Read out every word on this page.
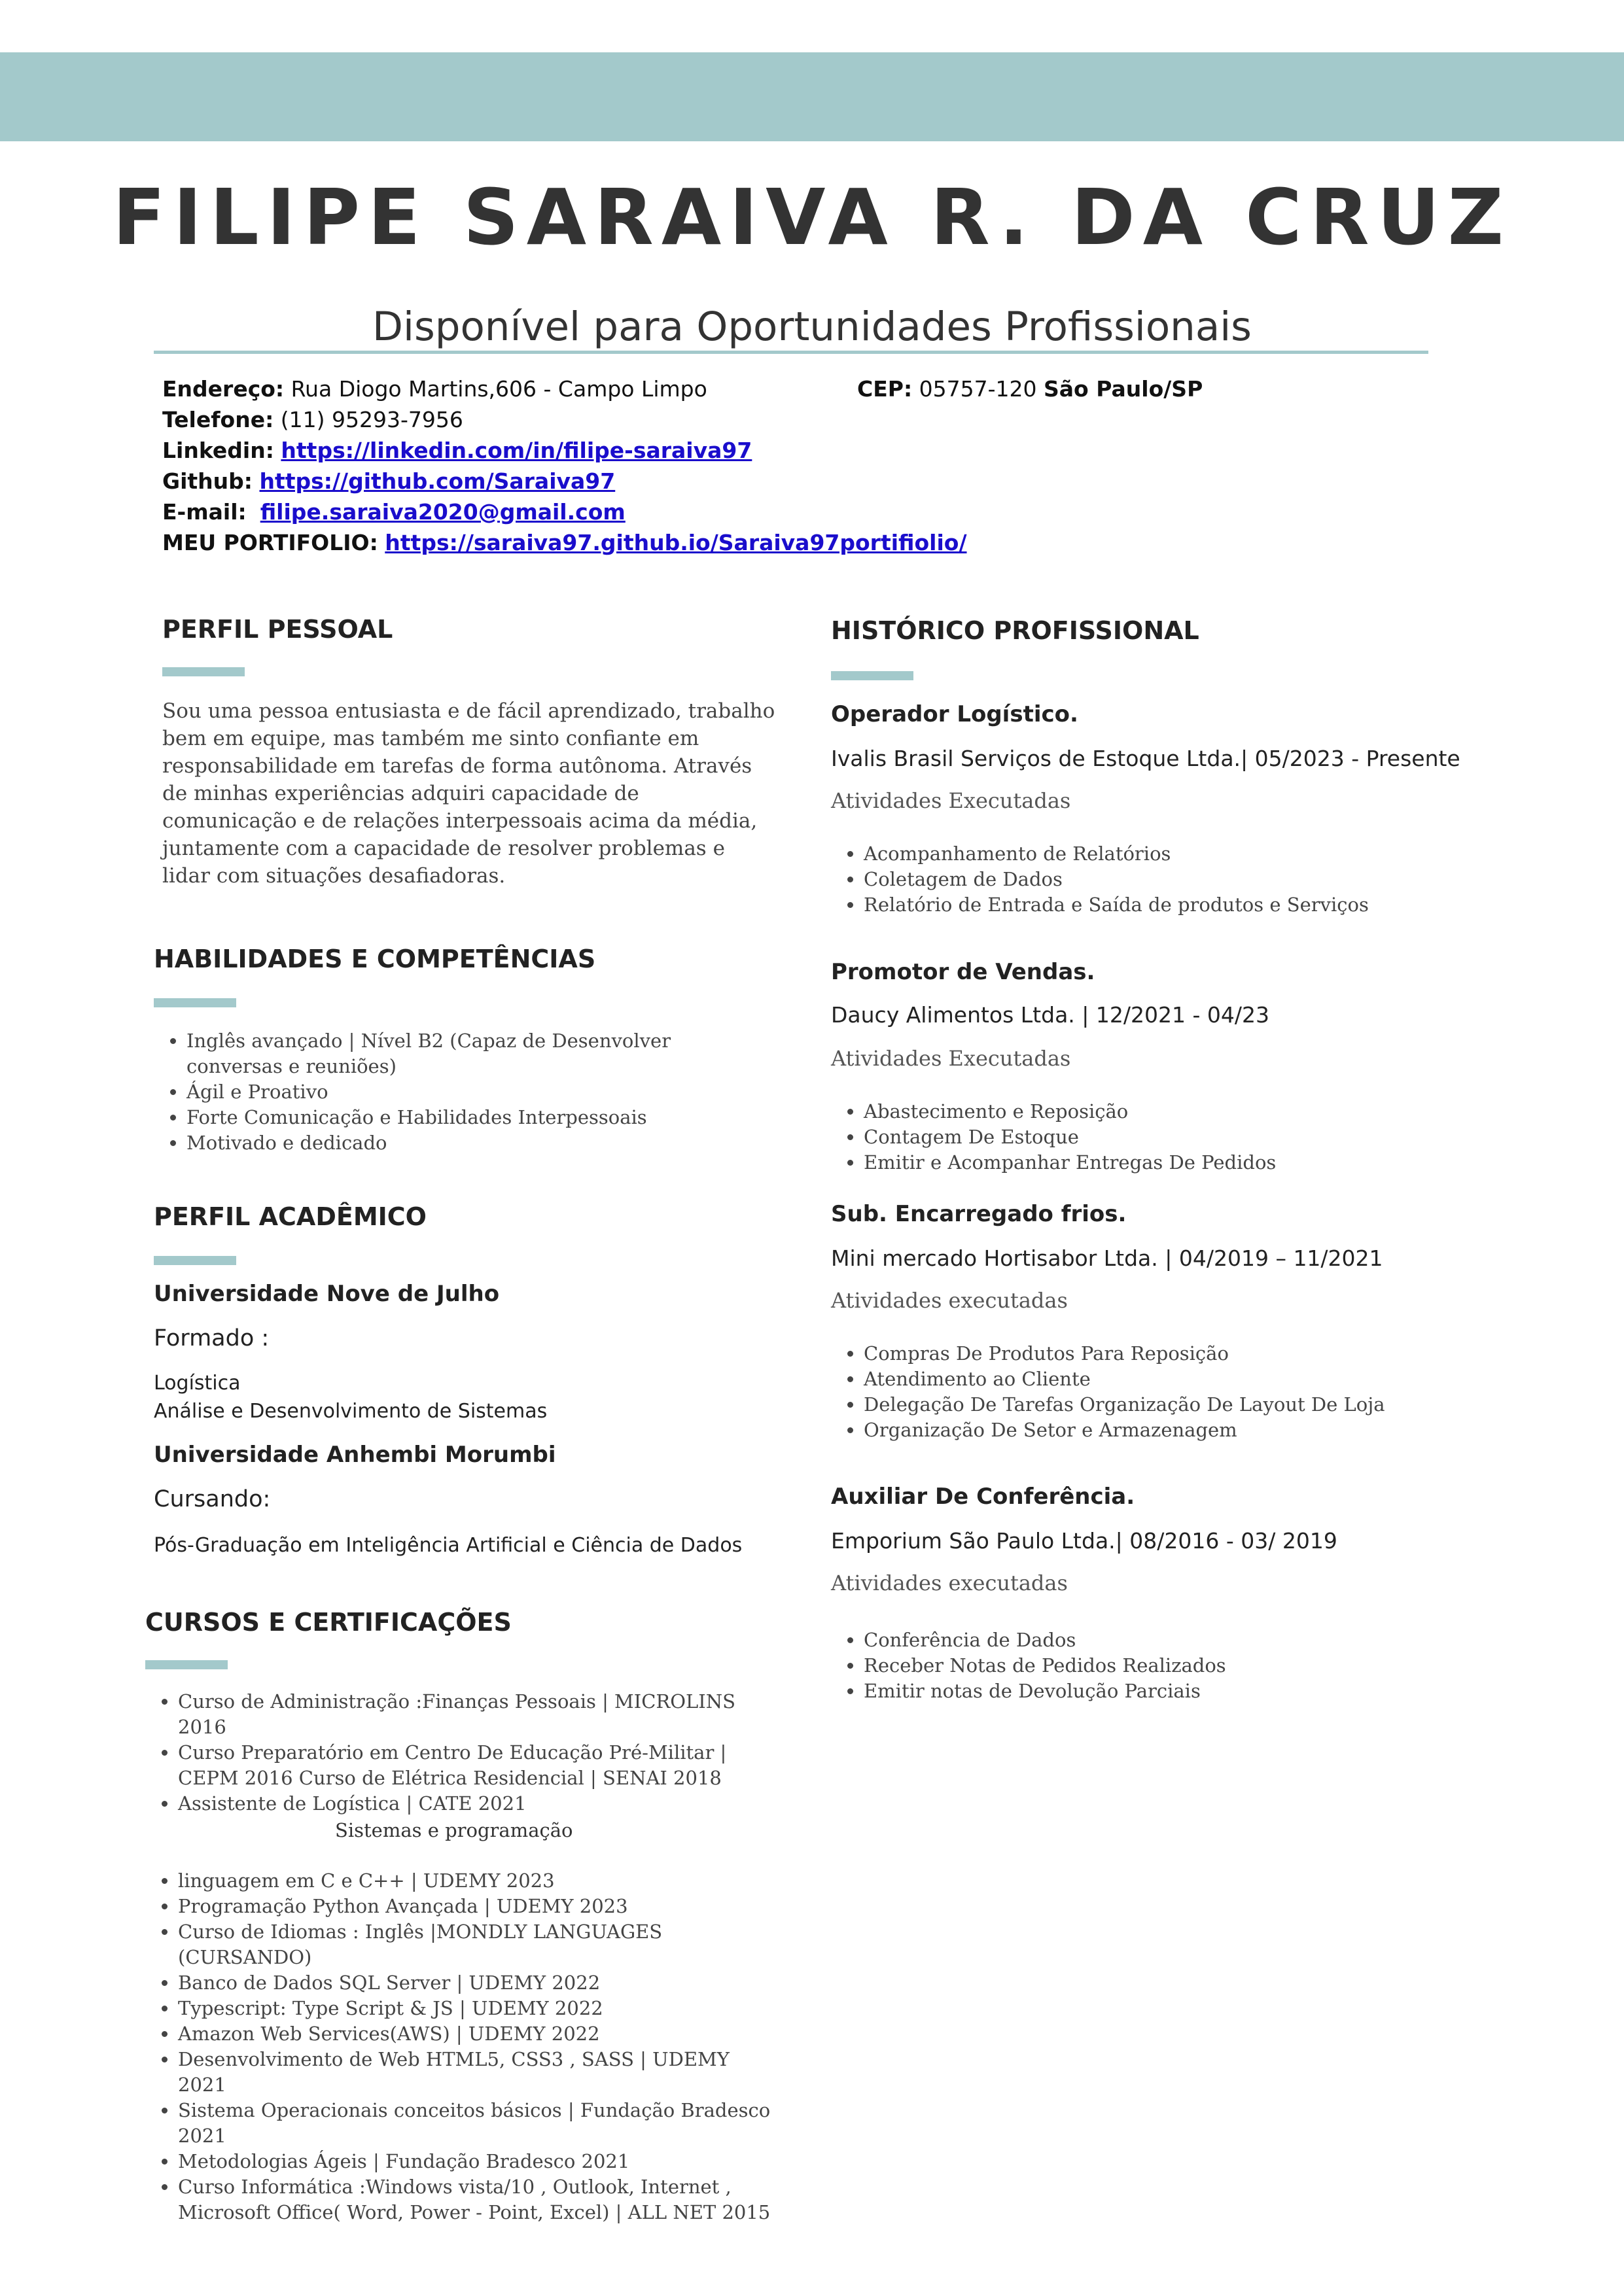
FILIPE SARAIVA R. DA CRUZ
Disponível para Oportunidades Profissionais
Endereço: Rua Diogo Martins,606 - Campo Limpo	CEP: 05757-120 São Paulo/SP
Telefone: (11) 95293-7956
Linkedin: https://linkedin.com/in/filipe-saraiva97
Github: https://github.com/Saraiva97
E-mail: filipe.saraiva2020@gmail.com
MEU PORTIFOLIO: https://saraiva97.github.io/Saraiva97portifiolio/
PERFIL PESSOAL
Sou uma pessoa entusiasta e de fácil aprendizado, trabalho bem em equipe, mas também me sinto confiante em responsabilidade em tarefas de forma autônoma. Através de minhas experiências adquiri capacidade de comunicação e de relações interpessoais acima da média, juntamente com a capacidade de resolver problemas e lidar com situações desafiadoras.
HABILIDADES E COMPETÊNCIAS
• Inglês avançado | Nível B2 (Capaz de Desenvolver conversas e reuniões)
• Ágil e Proativo
• Forte Comunicação e Habilidades Interpessoais
• Motivado e dedicado
PERFIL ACADÊMICO
Universidade Nove de Julho
Formado :
Logística
Análise e Desenvolvimento de Sistemas
Universidade Anhembi Morumbi
Cursando:
Pós-Graduação em Inteligência Artificial e Ciência de Dados
CURSOS E CERTIFICAÇÕES
• Curso de Administração :Finanças Pessoais | MICROLINS 2016
• Curso Preparatório em Centro De Educação Pré-Militar | CEPM 2016 Curso de Elétrica Residencial | SENAI 2018
• Assistente de Logística | CATE 2021
Sistemas e programação
• linguagem em C e C++ | UDEMY 2023
• Programação Python Avançada | UDEMY 2023
• Curso de Idiomas : Inglês |MONDLY LANGUAGES (CURSANDO)
• Banco de Dados SQL Server | UDEMY 2022
• Typescript: Type Script & JS | UDEMY 2022
• Amazon Web Services(AWS) | UDEMY 2022
• Desenvolvimento de Web HTML5, CSS3 , SASS | UDEMY 2021
• Sistema Operacionais conceitos básicos | Fundação Bradesco 2021
• Metodologias Ágeis | Fundação Bradesco 2021
• Curso Informática :Windows vista/10 , Outlook, Internet , Microsoft Office( Word, Power - Point, Excel) | ALL NET 2015
HISTÓRICO PROFISSIONAL
Operador Logístico.
Ivalis Brasil Serviços de Estoque Ltda.| 05/2023 - Presente
Atividades Executadas
• Acompanhamento de Relatórios
• Coletagem de Dados
• Relatório de Entrada e Saída de produtos e Serviços
Promotor de Vendas.
Daucy Alimentos Ltda. | 12/2021 - 04/23
Atividades Executadas
• Abastecimento e Reposição
• Contagem De Estoque
• Emitir e Acompanhar Entregas De Pedidos
Sub. Encarregado frios.
Mini mercado Hortisabor Ltda. | 04/2019 – 11/2021
Atividades executadas
• Compras De Produtos Para Reposição
• Atendimento ao Cliente
• Delegação De Tarefas Organização De Layout De Loja
• Organização De Setor e Armazenagem
Auxiliar De Conferência.
Emporium São Paulo Ltda.| 08/2016 - 03/ 2019
Atividades executadas
• Conferência de Dados
• Receber Notas de Pedidos Realizados
• Emitir notas de Devolução Parciais
